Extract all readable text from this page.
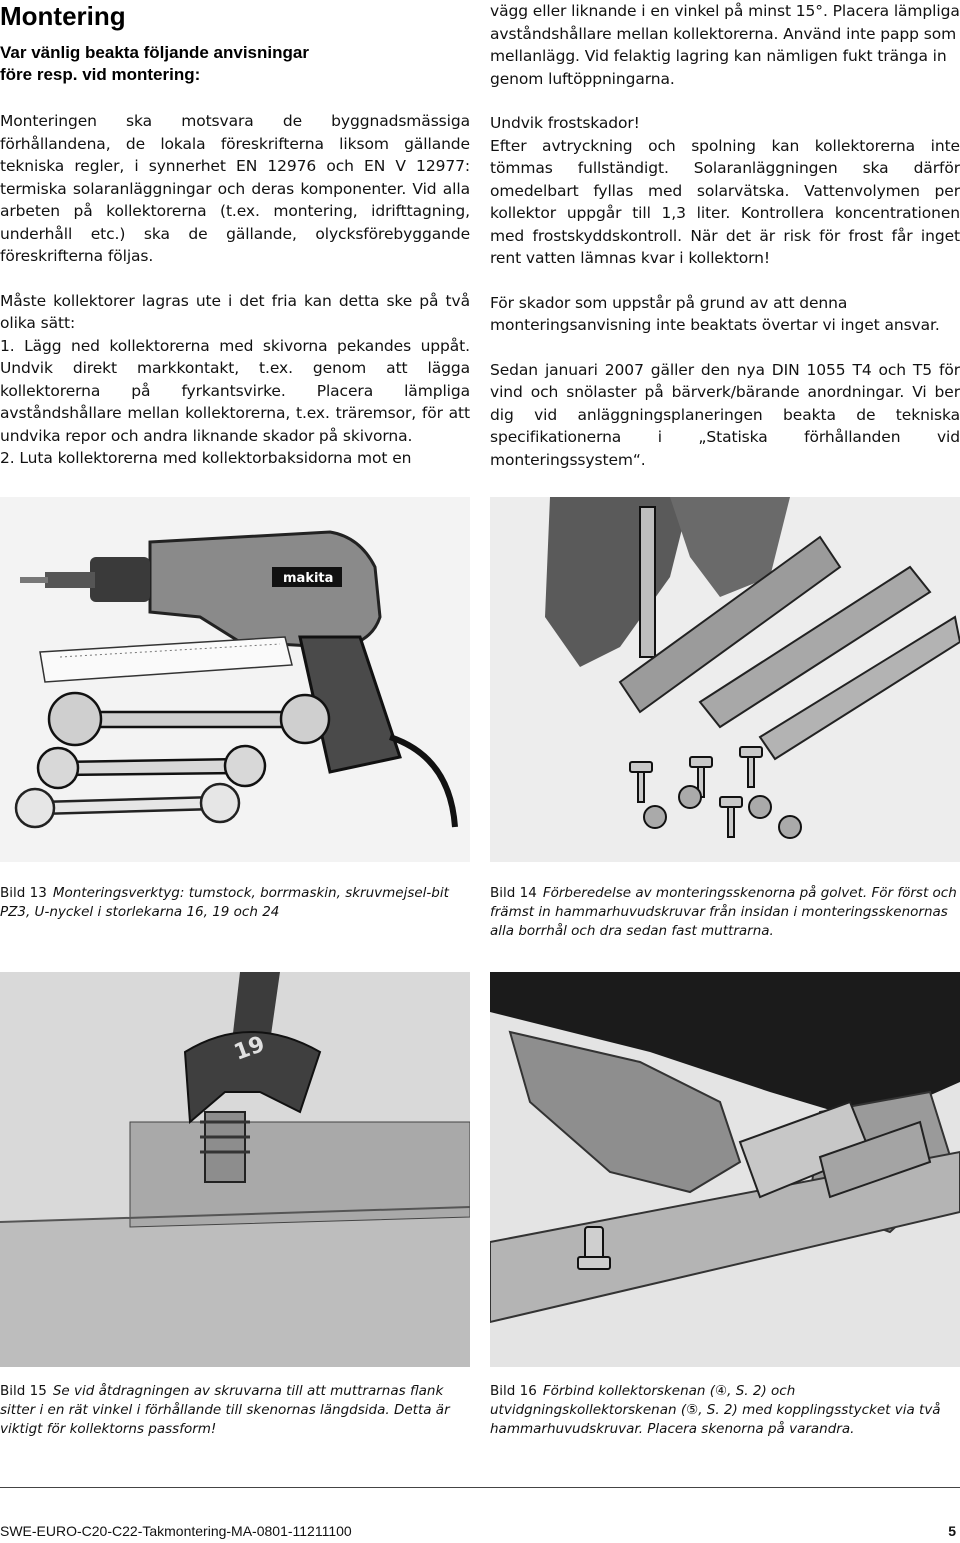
Montering
Var vänlig beakta följande anvisningar
före resp. vid montering:

Monteringen ska motsvara de byggnadsmässiga förhållandena, de lokala föreskrifterna liksom gällande tekniska regler, i synnerhet EN 12976 och EN V 12977: termiska solaranläggningar och deras komponenter. Vid alla arbeten på kollektorerna (t.ex. montering, idrifttagning, underhåll etc.) ska de gällande, olycksförebyggande föreskrifterna följas.

Måste kollektorer lagras ute i det fria kan detta ske på två olika sätt:

1. Lägg ned kollektorerna med skivorna pekandes uppåt. Undvik direkt markkontakt, t.ex. genom att lägga kollektorerna på fyrkantsvirke. Placera lämpliga avståndshållare mellan kollektorerna, t.ex. träremsor, för att undvika repor och andra liknande skador på skivorna.

2. Luta kollektorerna med kollektorbaksidorna mot en

vägg eller liknande i en vinkel på minst 15°. Placera lämpliga avståndshållare mellan kollektorerna. Använd inte papp som mellanlägg. Vid felaktig lagring kan nämligen fukt tränga in genom luftöppningarna.

Undvik frostskador!

Efter avtryckning och spolning kan kollektorerna inte tömmas fullständigt. Solaranläggningen ska därför omedelbart fyllas med solarvätska. Vattenvolymen per kollektor uppgår till 1,3 liter. Kontrollera koncentrationen med frostskyddskontroll. När det är risk för frost får inget rent vatten lämnas kvar i kollektorn!

För skador som uppstår på grund av att denna monteringsanvisning inte beaktats övertar vi inget ansvar.

Sedan januari 2007 gäller den nya DIN 1055 T4 och T5 för vind och snölaster på bärverk/bärande anordningar. Vi ber dig vid anläggningsplaneringen beakta de tekniska specifikationerna i „Statiska förhållanden vid monteringssystem“.

makita
Bild 13 Monteringsverktyg: tumstock, borrmaskin, skruvmejsel-bit PZ3, U-nyckel i storlekarna 16, 19 och 24
Bild 14 Förberedelse av monteringsskenorna på golvet. För först och främst in hammarhuvudskruvar från insidan i monteringsskenornas alla borrhål och dra sedan fast muttrarna.
19
Bild 15 Se vid åtdragningen av skruvarna till att muttrarnas flank sitter i en rät vinkel i förhållande till skenornas längdsida. Detta är viktigt för kollektorns passform!
Bild 16 Förbind kollektorskenan (④, S. 2) och utvidgningskollektorskenan (⑤, S. 2) med kopplingsstycket via två hammarhuvudskruvar. Placera skenorna på varandra.
SWE-EURO-C20-C22-Takmontering-MA-0801-11211100	5
